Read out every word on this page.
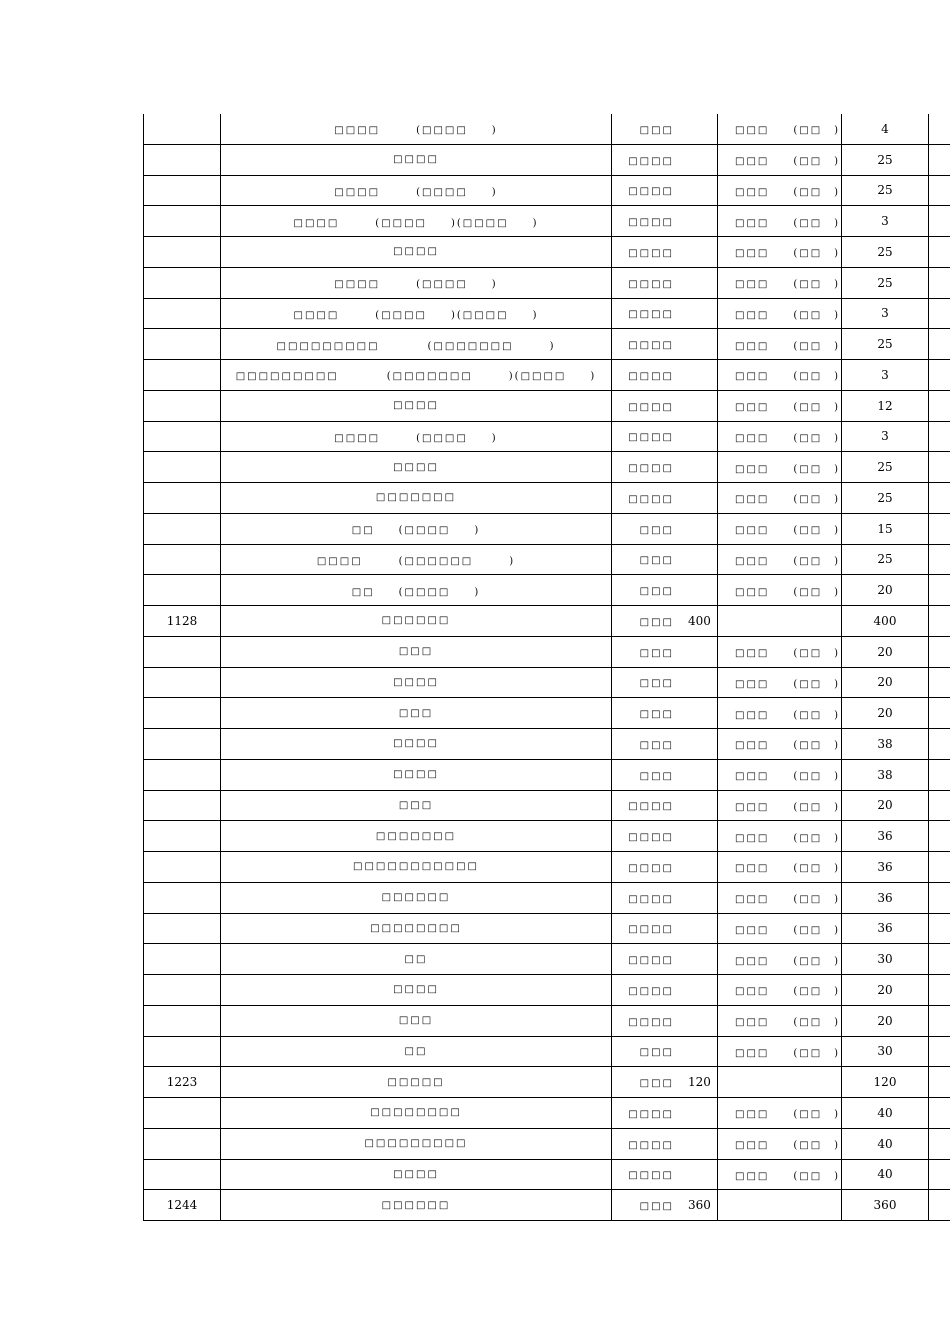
	□□□□　　　(□□□□　　)	□□□	□□□　　(□□　)	4	

	□□□□	□□□□	□□□　　(□□　)	25	

	□□□□　　　(□□□□　　)	□□□□	□□□　　(□□　)	25	

	□□□□　　　(□□□□　　)(□□□□　　)	□□□□	□□□　　(□□　)	3	

	□□□□	□□□□	□□□　　(□□　)	25	

	□□□□　　　(□□□□　　)	□□□□	□□□　　(□□　)	25	

	□□□□　　　(□□□□　　)(□□□□　　)	□□□□	□□□　　(□□　)	3	

	□□□□□□□□□　　　　(□□□□□□□　　　)	□□□□	□□□　　(□□　)	25	

	□□□□□□□□□　　　　(□□□□□□□　　　)(□□□□　　)	□□□□	□□□　　(□□　)	3	

	□□□□	□□□□	□□□　　(□□　)	12	

	□□□□　　　(□□□□　　)	□□□□	□□□　　(□□　)	3	

	□□□□	□□□□	□□□　　(□□　)	25	

	□□□□□□□	□□□□	□□□　　(□□　)	25	

	□□　　(□□□□　　)	□□□	□□□　　(□□　)	15	

	□□□□　　　(□□□□□□　　　)	□□□	□□□　　(□□　)	25	

	□□　　(□□□□　　)	□□□	□□□　　(□□　)	20	
1128	□□□□□□	□□□ 400		400	

	□□□	□□□	□□□　　(□□　)	20	

	□□□□	□□□	□□□　　(□□　)	20	

	□□□	□□□	□□□　　(□□　)	20	

	□□□□	□□□	□□□　　(□□　)	38	

	□□□□	□□□	□□□　　(□□　)	38	

	□□□	□□□□	□□□　　(□□　)	20	

	□□□□□□□	□□□□	□□□　　(□□　)	36	

	□□□□□□□□□□□	□□□□	□□□　　(□□　)	36	

	□□□□□□	□□□□	□□□　　(□□　)	36	

	□□□□□□□□	□□□□	□□□　　(□□　)	36	

	□□	□□□□	□□□　　(□□　)	30	

	□□□□	□□□□	□□□　　(□□　)	20	

	□□□	□□□□	□□□　　(□□　)	20	

	□□	□□□	□□□　　(□□　)	30	
1223	□□□□□	□□□ 120		120	

	□□□□□□□□	□□□□	□□□　　(□□　)	40	

	□□□□□□□□□	□□□□	□□□　　(□□　)	40	

	□□□□	□□□□	□□□　　(□□　)	40	
1244	□□□□□□	□□□ 360		360	
